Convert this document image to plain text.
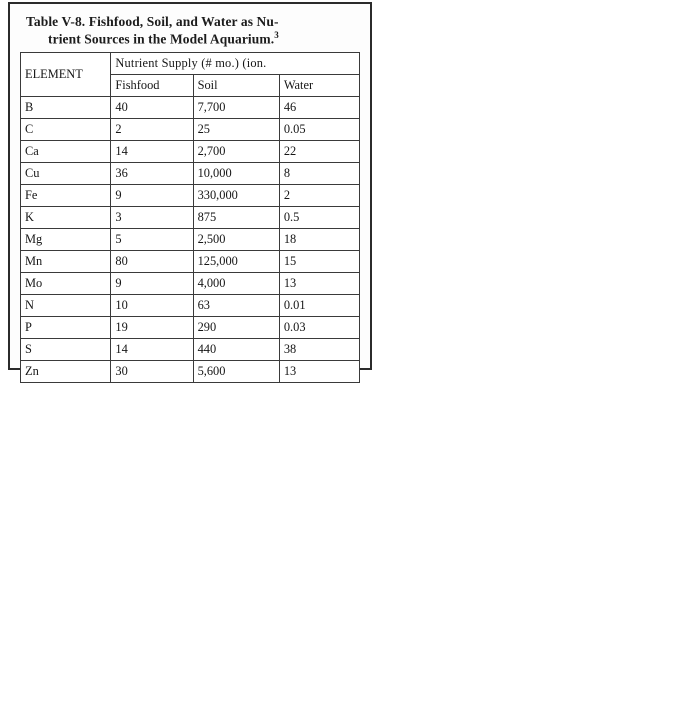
Table V-8. Fishfood, Soil, and Water as Nu-
trient Sources in the Model Aquarium.$^3$
ELEMENT	Nutrient Supply (# mo.) (ion.		
	Fishfood	Soil	Water
B	40	7,700	46
C	2	25	0.05
Ca	14	2,700	22
Cu	36	10,000	8
Fe	9	330,000	2
K	3	875	0.5
Mg	5	2,500	18
Mn	80	125,000	15
Mo	9	4,000	13
N	10	63	0.01
P	19	290	0.03
S	14	440	38
Zn	30	5,600	13
